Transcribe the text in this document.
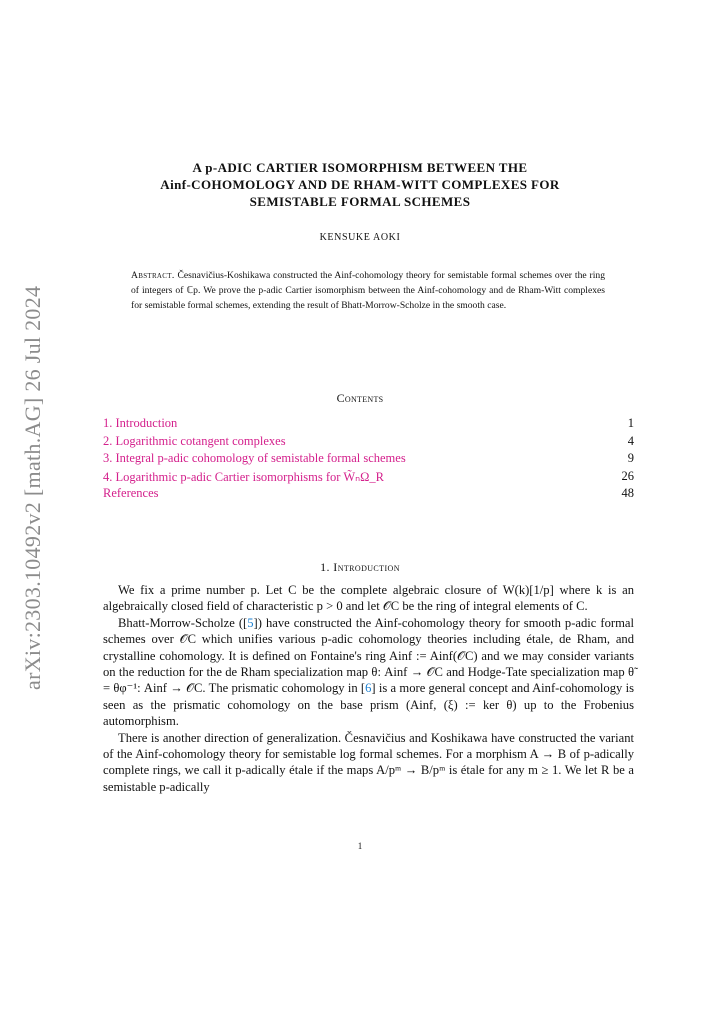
arXiv:2303.10492v2 [math.AG] 26 Jul 2024
A p-ADIC CARTIER ISOMORPHISM BETWEEN THE
Ainf-COHOMOLOGY AND DE RHAM-WITT COMPLEXES FOR
SEMISTABLE FORMAL SCHEMES
KENSUKE AOKI
Abstract. Česnavičius-Koshikawa constructed the Ainf-cohomology theory for semistable formal schemes over the ring of integers of ℂp. We prove the p-adic Cartier isomorphism between the Ainf-cohomology and de Rham-Witt complexes for semistable formal schemes, extending the result of Bhatt-Morrow-Scholze in the smooth case.
Contents
1. Introduction	1
2. Logarithmic cotangent complexes	4
3. Integral p-adic cohomology of semistable formal schemes	9
4. Logarithmic p-adic Cartier isomorphisms for W̃ₙΩ_R	26
References	48
1. Introduction

We fix a prime number p. Let C be the complete algebraic closure of W(k)[1/p] where k is an algebraically closed field of characteristic p > 0 and let 𝒪C be the ring of integral elements of C.

Bhatt-Morrow-Scholze ([5]) have constructed the Ainf-cohomology theory for smooth p-adic formal schemes over 𝒪C which unifies various p-adic cohomology theories including étale, de Rham, and crystalline cohomology. It is defined on Fontaine's ring Ainf := Ainf(𝒪C) and we may consider variants on the reduction for the de Rham specialization map θ: Ainf → 𝒪C and Hodge-Tate specialization map θ̃ = θφ⁻¹: Ainf → 𝒪C. The prismatic cohomology in [6] is a more general concept and Ainf-cohomology is seen as the prismatic cohomology on the base prism (Ainf, (ξ) := ker θ) up to the Frobenius automorphism.

There is another direction of generalization. Česnavičius and Koshikawa have constructed the variant of the Ainf-cohomology theory for semistable log formal schemes. For a morphism A → B of p-adically complete rings, we call it p-adically étale if the maps A/pᵐ → B/pᵐ is étale for any m ≥ 1. We let R be a semistable p-adically

1
